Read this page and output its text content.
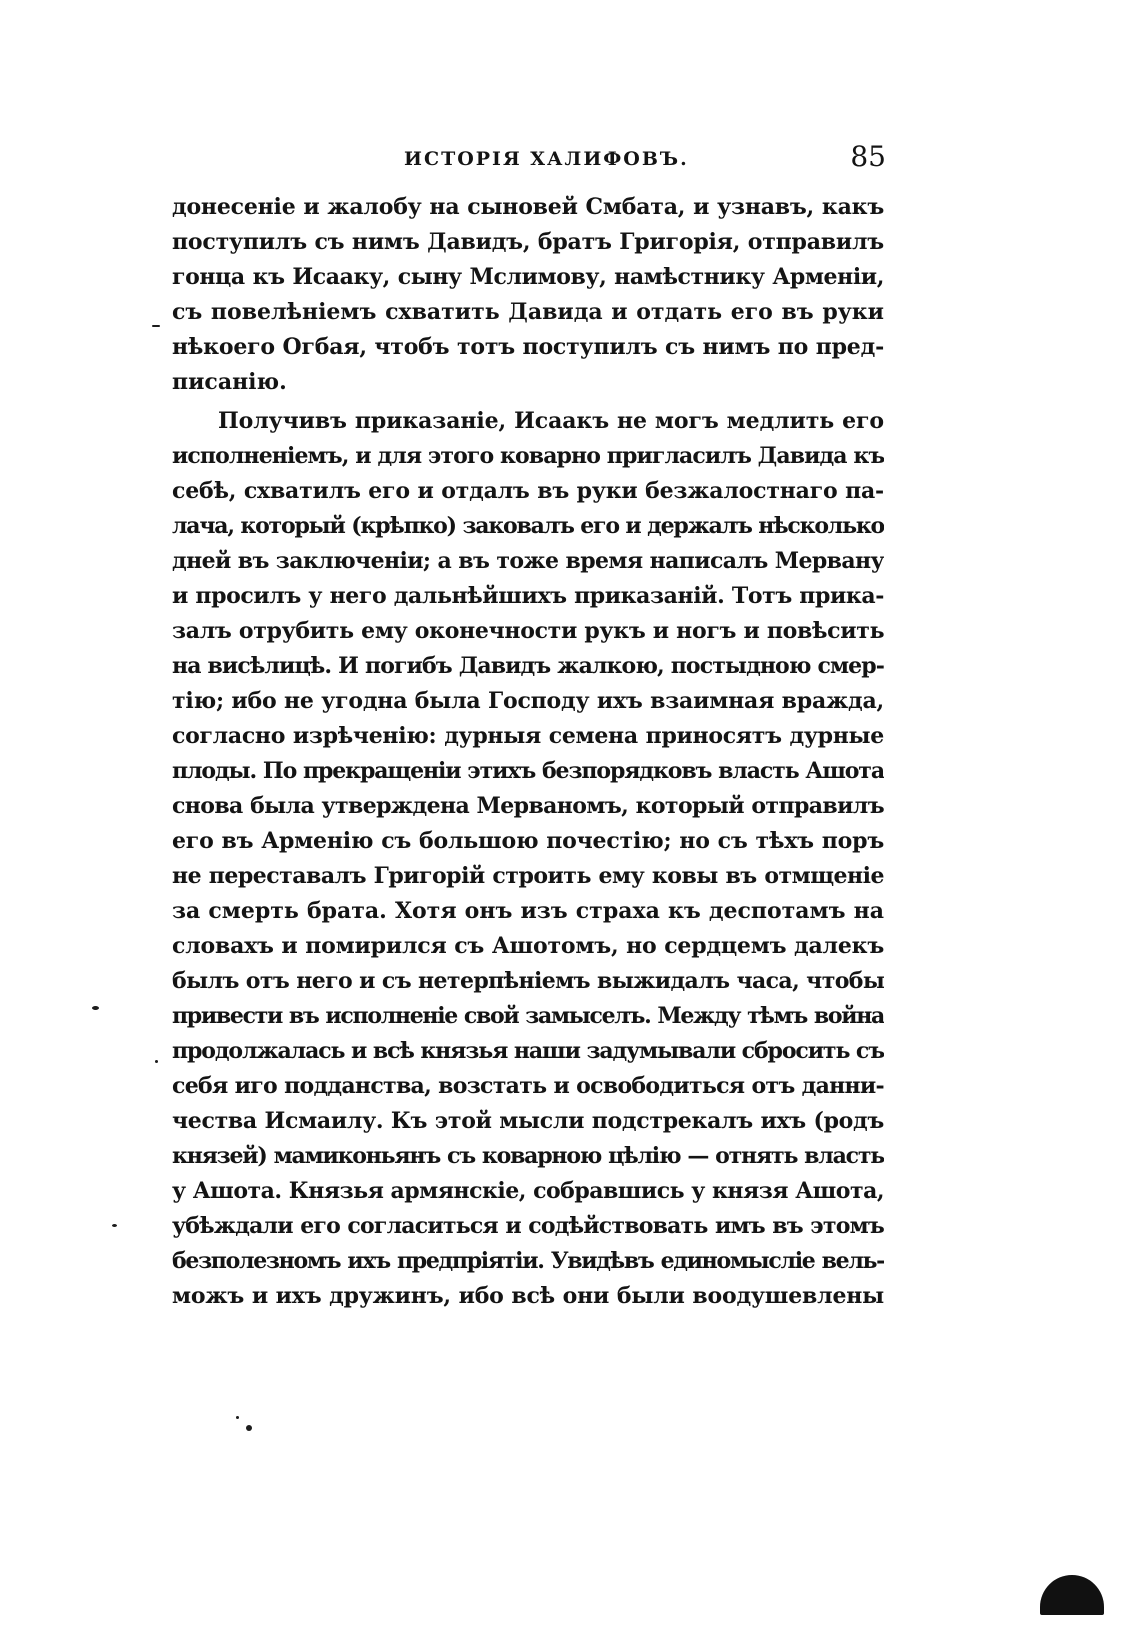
ИСТОРІЯ ХАЛИФОВЪ.	85
донесеніе и жалобу на сыновей Смбата, и узнавъ, какъ
поступилъ съ нимъ Давидъ, братъ Григорія, отправилъ
гонца къ Исааку, сыну Мслимову, намѣстнику Арменіи,
съ повелѣніемъ схватить Давида и отдать его въ руки
нѣкоего Огбая, чтобъ тотъ поступилъ съ нимъ по пред-
писанію.
Получивъ приказаніе, Исаакъ не могъ медлить его
исполненіемъ, и для этого коварно пригласилъ Давида къ
себѣ, схватилъ его и отдалъ въ руки безжалостнаго па-
лача, который (крѣпко) заковалъ его и держалъ нѣсколько
дней въ заключеніи; а въ тоже время написалъ Мервану
и просилъ у него дальнѣйшихъ приказаній. Тотъ прика-
залъ отрубить ему оконечности рукъ и ногъ и повѣсить
на висѣлицѣ. И погибъ Давидъ жалкою, постыдною смер-
тію; ибо не угодна была Господу ихъ взаимная вражда,
согласно изрѣченію: дурныя семена приносятъ дурные
плоды. По прекращеніи этихъ безпорядковъ власть Ашота
снова была утверждена Мерваномъ, который отправилъ
его въ Арменію съ большою почестію; но съ тѣхъ поръ
не переставалъ Григорій строить ему ковы въ отмщеніе
за смерть брата. Хотя онъ изъ страха къ деспотамъ на
словахъ и помирился съ Ашотомъ, но сердцемъ далекъ
былъ отъ него и съ нетерпѣніемъ выжидалъ часа, чтобы
привести въ исполненіе свой замыселъ. Между тѣмъ война
продолжалась и всѣ князья наши задумывали сбросить съ
себя иго подданства, возстать и освободиться отъ данни-
чества Исмаилу. Къ этой мысли подстрекалъ ихъ (родъ
князей) мамиконьянъ съ коварною цѣлію — отнять власть
у Ашота. Князья армянскіе, собравшись у князя Ашота,
убѣждали его согласиться и содѣйствовать имъ въ этомъ
безполезномъ ихъ предпріятіи. Увидѣвъ единомысліе вель-
можъ и ихъ дружинъ, ибо всѣ они были воодушевлены
